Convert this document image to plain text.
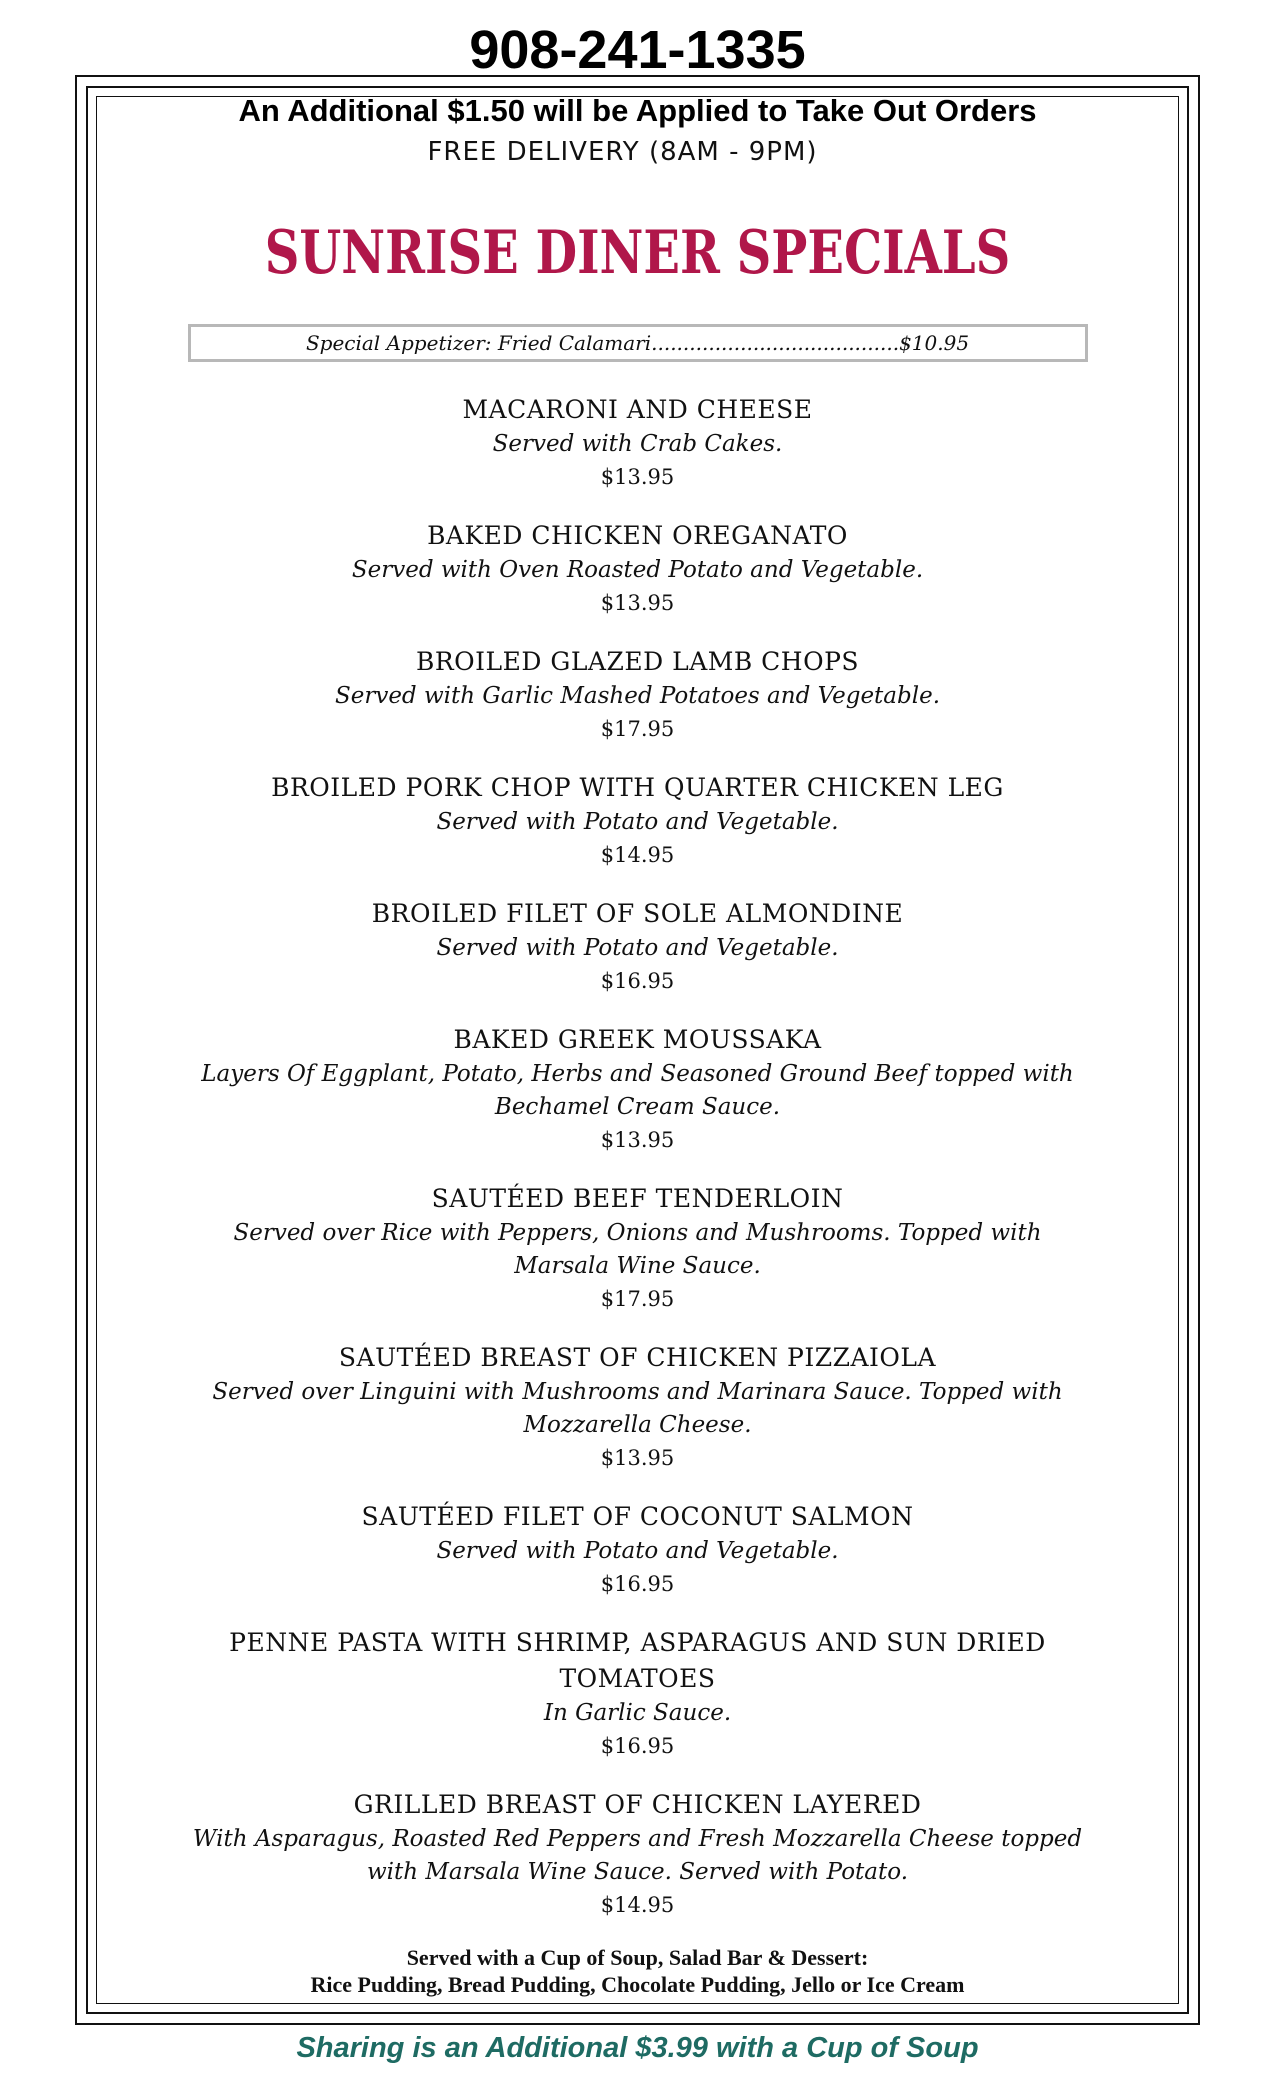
908-241-1335

An Additional $1.50 will be Applied to Take Out Orders

FREE DELIVERY (8AM - 9PM)

SUNRISE DINER SPECIALS
Special Appetizer: Fried Calamari.......................................$10.95
MACARONI AND CHEESE
Served with Crab Cakes.
$13.95
BAKED CHICKEN OREGANATO
Served with Oven Roasted Potato and Vegetable.
$13.95
BROILED GLAZED LAMB CHOPS
Served with Garlic Mashed Potatoes and Vegetable.
$17.95
BROILED PORK CHOP WITH QUARTER CHICKEN LEG
Served with Potato and Vegetable.
$14.95
BROILED FILET OF SOLE ALMONDINE
Served with Potato and Vegetable.
$16.95
BAKED GREEK MOUSSAKA
Layers Of Eggplant, Potato, Herbs and Seasoned Ground Beef topped with Bechamel Cream Sauce.
$13.95
SAUTÉED BEEF TENDERLOIN
Served over Rice with Peppers, Onions and Mushrooms. Topped with Marsala Wine Sauce.
$17.95
SAUTÉED BREAST OF CHICKEN PIZZAIOLA
Served over Linguini with Mushrooms and Marinara Sauce. Topped with Mozzarella Cheese.
$13.95
SAUTÉED FILET OF COCONUT SALMON
Served with Potato and Vegetable.
$16.95
PENNE PASTA WITH SHRIMP, ASPARAGUS AND SUN DRIED TOMATOES
In Garlic Sauce.
$16.95
GRILLED BREAST OF CHICKEN LAYERED
With Asparagus, Roasted Red Peppers and Fresh Mozzarella Cheese topped with Marsala Wine Sauce. Served with Potato.
$14.95
Served with a Cup of Soup, Salad Bar & Dessert:
Rice Pudding, Bread Pudding, Chocolate Pudding, Jello or Ice Cream
Sharing is an Additional $3.99 with a Cup of Soup
